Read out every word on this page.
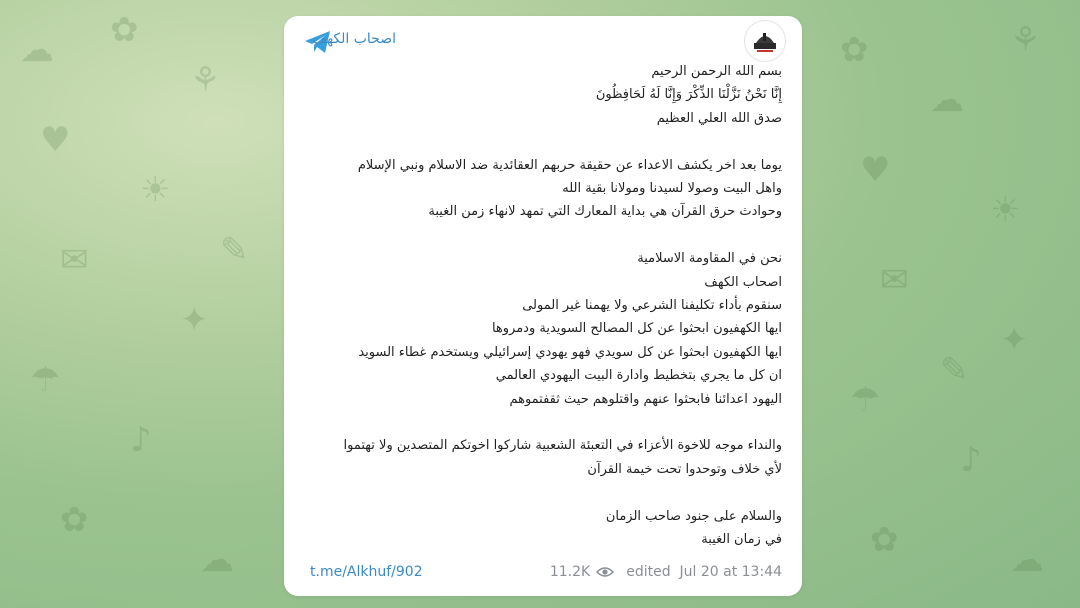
☁ ✿
⚘
♥
☀
✉
✦
☂
♪
✿
☁
✎
✿
☁
⚘
♥
☀
✉
✦
☂
♪
✿	☁
✎
اصحاب الكهف

بسم الله الرحمن الرحيم

إِنَّا نَحْنُ نَزَّلْنَا الذِّكْرَ وَإِنَّا لَهُ لَحَافِظُونَ

صدق الله العلي العظيم

يوما بعد اخر يكشف الاعداء عن حقيقة حربهم العقائدية ضد الاسلام ونبي الإسلام

واهل البيت وصولا لسيدنا ومولانا بقية الله

وحوادث حرق القرآن هي بداية المعارك التي تمهد لانهاء زمن الغيبة

نحن في المقاومة الاسلامية

اصحاب الكهف

سنقوم بأداء تكليفنا الشرعي ولا يهمنا غير المولى

ايها الكهفيون ابحثوا عن كل المصالح السويدية ودمروها

ايها الكهفيون ابحثوا عن كل سويدي فهو يهودي إسرائيلي ويستخدم غطاء السويد

ان كل ما يجري بتخطيط وادارة البيت اليهودي العالمي

اليهود اعدائنا فابحثوا عنهم واقتلوهم حيث ثقفتموهم

والنداء موجه للاخوة الأعزاء في التعبئة الشعبية شاركوا اخوتكم المتصدين ولا تهتموا

لأي خلاف وتوحدوا تحت خيمة القرآن

والسلام على جنود صاحب الزمان

في زمان الغيبة

t.me/Alkhuf/902	11.2K	edited Jul 20 at 13:44
